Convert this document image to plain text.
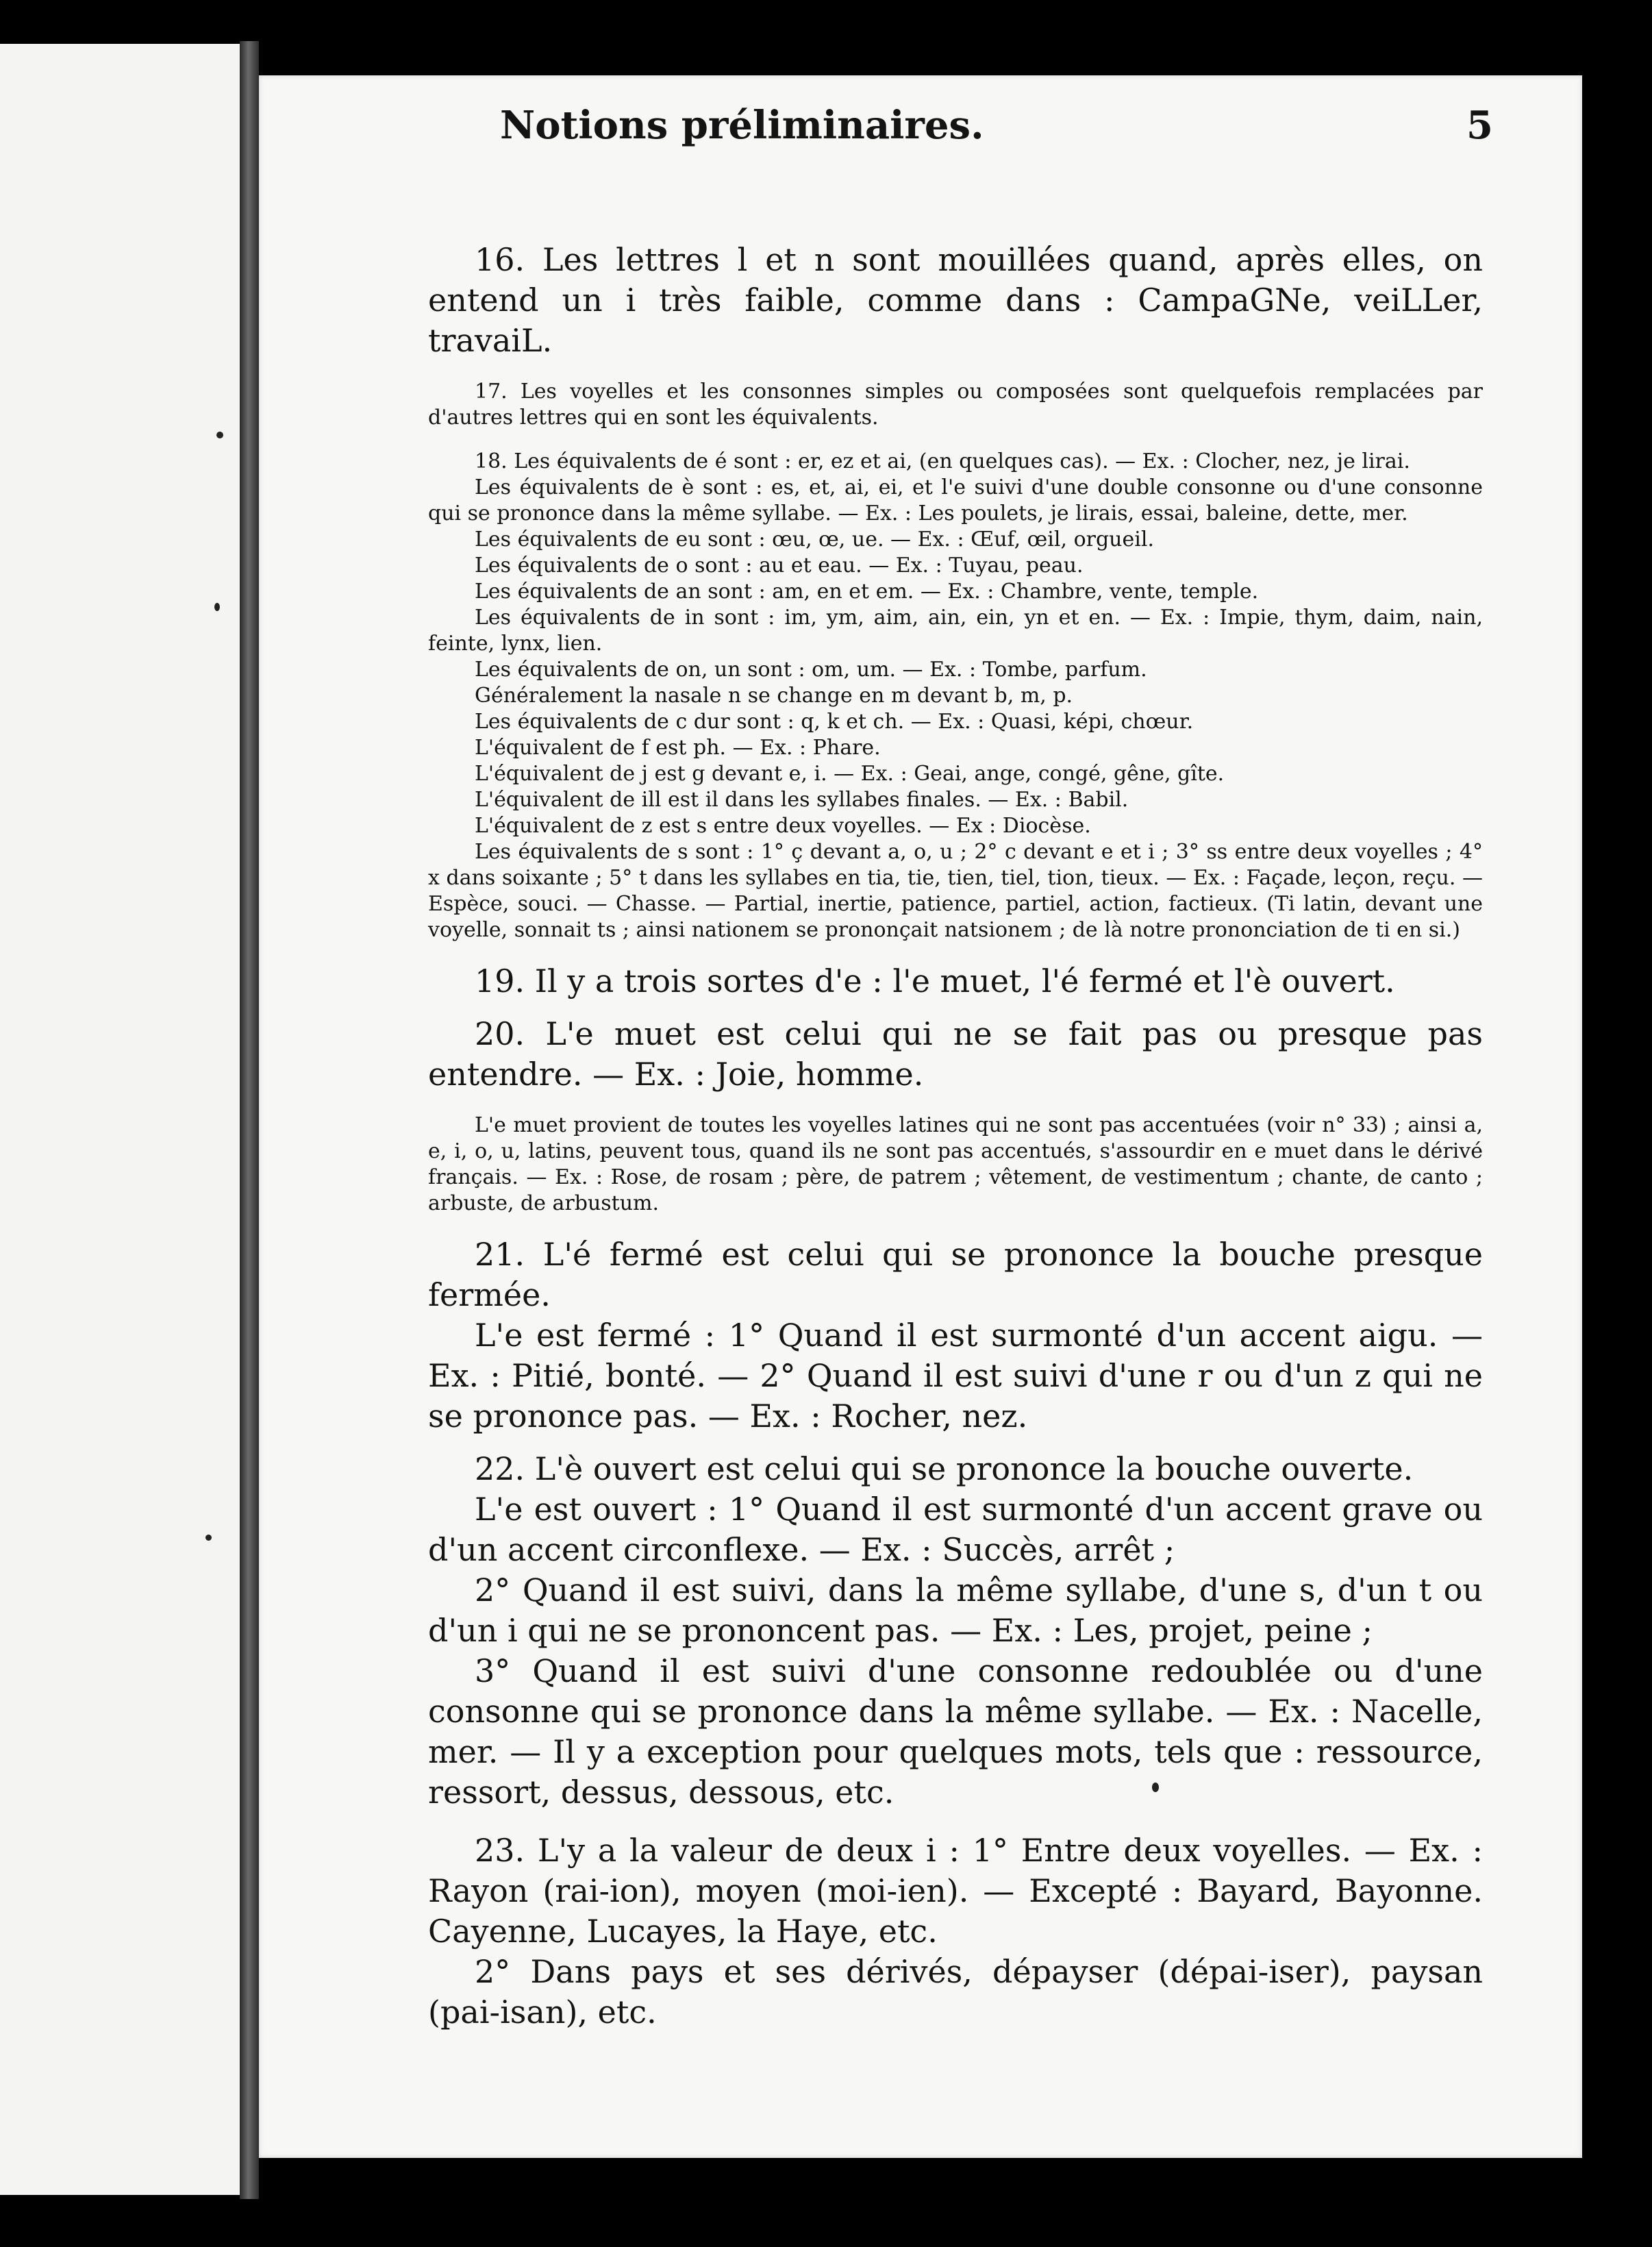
Notions préliminaires.	5

16. Les lettres l et n sont mouillées quand, après elles, on entend un i très faible, comme dans : CampaGNe, veiLLer, travaiL.

17. Les voyelles et les consonnes simples ou composées sont quelquefois remplacées par d'autres lettres qui en sont les équivalents.

18. Les équivalents de é sont : er, ez et ai, (en quelques cas). — Ex. : Clocher, nez, je lirai.

Les équivalents de è sont : es, et, ai, ei, et l'e suivi d'une double consonne ou d'une consonne qui se prononce dans la même syllabe. — Ex. : Les poulets, je lirais, essai, baleine, dette, mer.

Les équivalents de eu sont : œu, œ, ue. — Ex. : Œuf, œil, orgueil.

Les équivalents de o sont : au et eau. — Ex. : Tuyau, peau.

Les équivalents de an sont : am, en et em. — Ex. : Chambre, vente, temple.

Les équivalents de in sont : im, ym, aim, ain, ein, yn et en. — Ex. : Impie, thym, daim, nain, feinte, lynx, lien.

Les équivalents de on, un sont : om, um. — Ex. : Tombe, parfum.

Généralement la nasale n se change en m devant b, m, p.

Les équivalents de c dur sont : q, k et ch. — Ex. : Quasi, képi, chœur.

L'équivalent de f est ph. — Ex. : Phare.

L'équivalent de j est g devant e, i. — Ex. : Geai, ange, congé, gêne, gîte.

L'équivalent de ill est il dans les syllabes finales. — Ex. : Babil.

L'équivalent de z est s entre deux voyelles. — Ex : Diocèse.

Les équivalents de s sont : 1° ç devant a, o, u ; 2° c devant e et i ; 3° ss entre deux voyelles ; 4° x dans soixante ; 5° t dans les syllabes en tia, tie, tien, tiel, tion, tieux. — Ex. : Façade, leçon, reçu. — Espèce, souci. — Chasse. — Partial, inertie, patience, partiel, action, factieux. (Ti latin, devant une voyelle, sonnait ts ; ainsi nationem se prononçait natsionem ; de là notre prononciation de ti en si.)

19. Il y a trois sortes d'e : l'e muet, l'é fermé et l'è ouvert.

20. L'e muet est celui qui ne se fait pas ou presque pas entendre. — Ex. : Joie, homme.

L'e muet provient de toutes les voyelles latines qui ne sont pas accentuées (voir n° 33) ; ainsi a, e, i, o, u, latins, peuvent tous, quand ils ne sont pas accentués, s'assourdir en e muet dans le dérivé français. — Ex. : Rose, de rosam ; père, de patrem ; vêtement, de vestimentum ; chante, de canto ; arbuste, de arbustum.

21. L'é fermé est celui qui se prononce la bouche presque fermée.

L'e est fermé : 1° Quand il est surmonté d'un accent aigu. — Ex. : Pitié, bonté. — 2° Quand il est suivi d'une r ou d'un z qui ne se prononce pas. — Ex. : Rocher, nez.

22. L'è ouvert est celui qui se prononce la bouche ouverte.

L'e est ouvert : 1° Quand il est surmonté d'un accent grave ou d'un accent circonflexe. — Ex. : Succès, arrêt ;

2° Quand il est suivi, dans la même syllabe, d'une s, d'un t ou d'un i qui ne se prononcent pas. — Ex. : Les, projet, peine ;

3° Quand il est suivi d'une consonne redoublée ou d'une consonne qui se prononce dans la même syllabe. — Ex. : Nacelle, mer. — Il y a exception pour quelques mots, tels que : ressource, ressort, dessus, dessous, etc.

23. L'y a la valeur de deux i : 1° Entre deux voyelles. — Ex. : Rayon (rai-ion), moyen (moi-ien). — Excepté : Bayard, Bayonne. Cayenne, Lucayes, la Haye, etc.

2° Dans pays et ses dérivés, dépayser (dépai-iser), paysan (pai-isan), etc.
